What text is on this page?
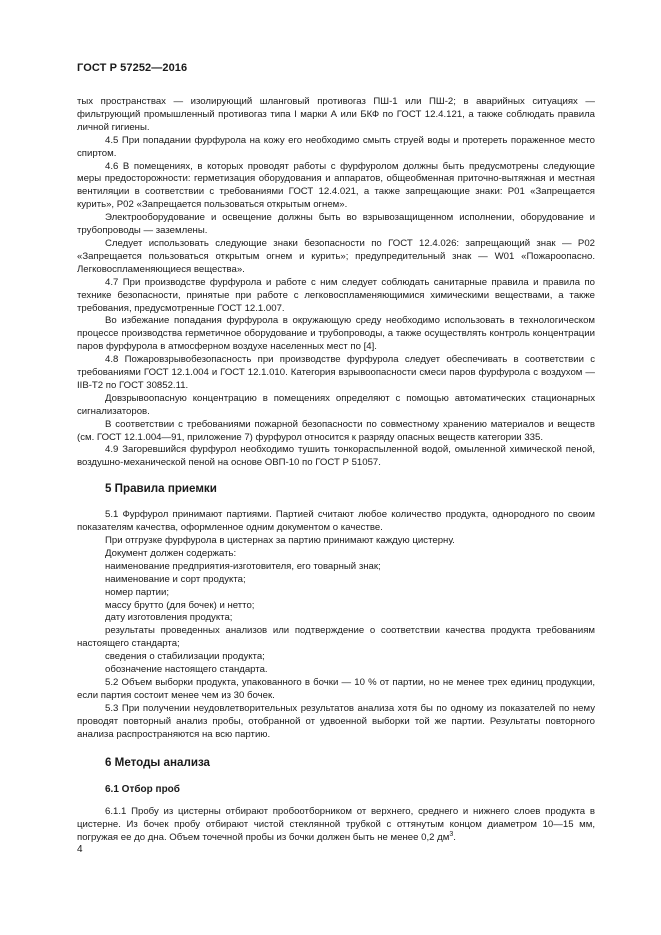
ГОСТ Р 57252—2016

тых пространствах — изолирующий шланговый противогаз ПШ-1 или ПШ-2; в аварийных ситуациях — фильтрующий промышленный противогаз типа I марки А или БКФ по ГОСТ 12.4.121, а также соблюдать правила личной гигиены.

4.5 При попадании фурфурола на кожу его необходимо смыть струей воды и протереть пораженное место спиртом.

4.6 В помещениях, в которых проводят работы с фурфуролом должны быть предусмотрены следующие меры предосторожности: герметизация оборудования и аппаратов, общеобменная приточно-вытяжная и местная вентиляции в соответствии с требованиями ГОСТ 12.4.021, а также запрещающие знаки: Р01 «Запрещается курить», Р02 «Запрещается пользоваться открытым огнем».

Электрооборудование и освещение должны быть во взрывозащищенном исполнении, оборудование и трубопроводы — заземлены.

Следует использовать следующие знаки безопасности по ГОСТ 12.4.026: запрещающий знак — Р02 «Запрещается пользоваться открытым огнем и курить»; предупредительный знак — W01 «Пожароопасно. Легковоспламеняющиеся вещества».

4.7 При производстве фурфурола и работе с ним следует соблюдать санитарные правила и правила по технике безопасности, принятые при работе с легковоспламеняющимися химическими веществами, а также требования, предусмотренные ГОСТ 12.1.007.

Во избежание попадания фурфурола в окружающую среду необходимо использовать в технологическом процессе производства герметичное оборудование и трубопроводы, а также осуществлять контроль концентрации паров фурфурола в атмосферном воздухе населенных мест по [4].

4.8 Пожаровзрывобезопасность при производстве фурфурола следует обеспечивать в соответствии с требованиями ГОСТ 12.1.004 и ГОСТ 12.1.010. Категория взрывоопасности смеси паров фурфурола с воздухом — IIВ-Т2 по ГОСТ 30852.11.

Довзрывоопасную концентрацию в помещениях определяют с помощью автоматических стационарных сигнализаторов.

В соответствии с требованиями пожарной безопасности по совместному хранению материалов и веществ (см. ГОСТ 12.1.004—91, приложение 7) фурфурол относится к разряду опасных веществ категории 335.

4.9 Загоревшийся фурфурол необходимо тушить тонкораспыленной водой, омыленной химической пеной, воздушно-механической пеной на основе ОВП-10 по ГОСТ Р 51057.

5 Правила приемки

5.1 Фурфурол принимают партиями. Партией считают любое количество продукта, однородного по своим показателям качества, оформленное одним документом о качестве.

При отгрузке фурфурола в цистернах за партию принимают каждую цистерну.

Документ должен содержать:

наименование предприятия-изготовителя, его товарный знак;

наименование и сорт продукта;

номер партии;

массу брутто (для бочек) и нетто;

дату изготовления продукта;

результаты проведенных анализов или подтверждение о соответствии качества продукта требованиям настоящего стандарта;

сведения о стабилизации продукта;

обозначение настоящего стандарта.

5.2 Объем выборки продукта, упакованного в бочки — 10 % от партии, но не менее трех единиц продукции, если партия состоит менее чем из 30 бочек.

5.3 При получении неудовлетворительных результатов анализа хотя бы по одному из показателей по нему проводят повторный анализ пробы, отобранной от удвоенной выборки той же партии. Результаты повторного анализа распространяются на всю партию.

6 Методы анализа
6.1 Отбор проб

6.1.1 Пробу из цистерны отбирают пробоотборником от верхнего, среднего и нижнего слоев продукта в цистерне. Из бочек пробу отбирают чистой стеклянной трубкой с оттянутым концом диаметром 10—15 мм, погружая ее до дна. Объем точечной пробы из бочки должен быть не менее 0,2 $дм^3$.

4
